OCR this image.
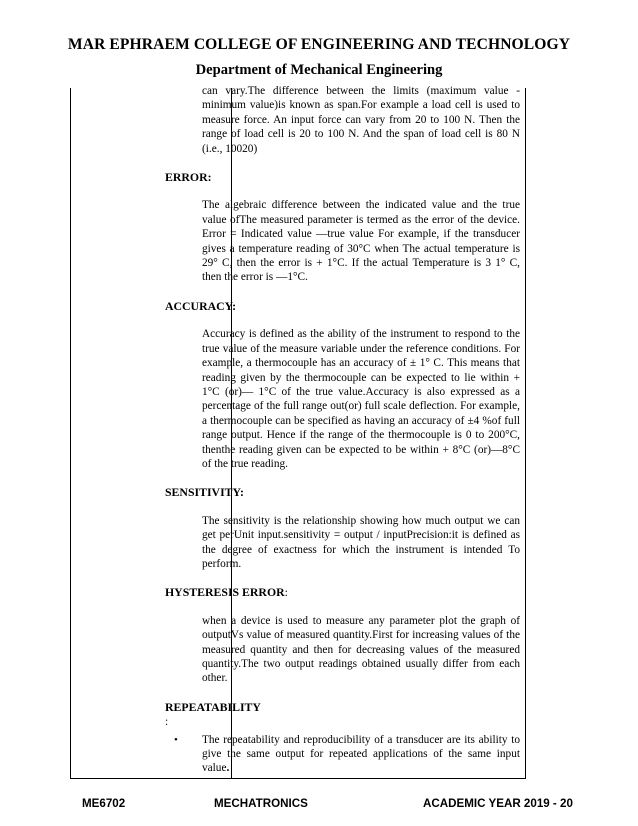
MAR EPHRAEM COLLEGE OF ENGINEERING AND TECHNOLOGY
Department of Mechanical Engineering

can vary.The difference between the limits (maximum value - minimum value)is known as span.For example a load cell is used to measure force. An input force can vary from 20 to 100 N. Then the range of load cell is 20 to 100 N. And the span of load cell is 80 N (i.e., 10020)

ERROR:

The algebraic difference between the indicated value and the true value ofThe measured parameter is termed as the error of the device. Error = Indicated value —true value For example, if the transducer gives a temperature reading of 30°C when The actual temperature is 29° C, then the error is + 1°C. If the actual Temperature is 3 1° C, then the error is —1°C.

ACCURACY:

Accuracy is defined as the ability of the instrument to respond to the true value of the measure variable under the reference conditions. For example, a thermocouple has an accuracy of ± 1° C. This means that reading given by the thermocouple can be expected to lie within + 1°C (or)— 1°C of the true value.Accuracy is also expressed as a percentage of the full range out(or) full scale deflection. For example, a thermocouple can be specified as having an accuracy of ±4 %of full range output. Hence if the range of the thermocouple is 0 to 200°C, thenthe reading given can be expected to be within + 8°C (or)—8°C of the true reading.

SENSITIVITY:

The sensitivity is the relationship showing how much output we can get perUnit input.sensitivity = output / inputPrecision:it is defined as the degree of exactness for which the instrument is intended To perform.

HYSTERESIS ERROR:

when a device is used to measure any parameter plot the graph of outputVs value of measured quantity.First for increasing values of the measured quantity and then for decreasing values of the measured quantity.The two output readings obtained usually differ from each other.

REPEATABILITY
:
• The repeatability and reproducibility of a transducer are its ability to give the same output for repeated applications of the same input value.
ME6702	MECHATRONICS	ACADEMIC YEAR 2019 - 20
